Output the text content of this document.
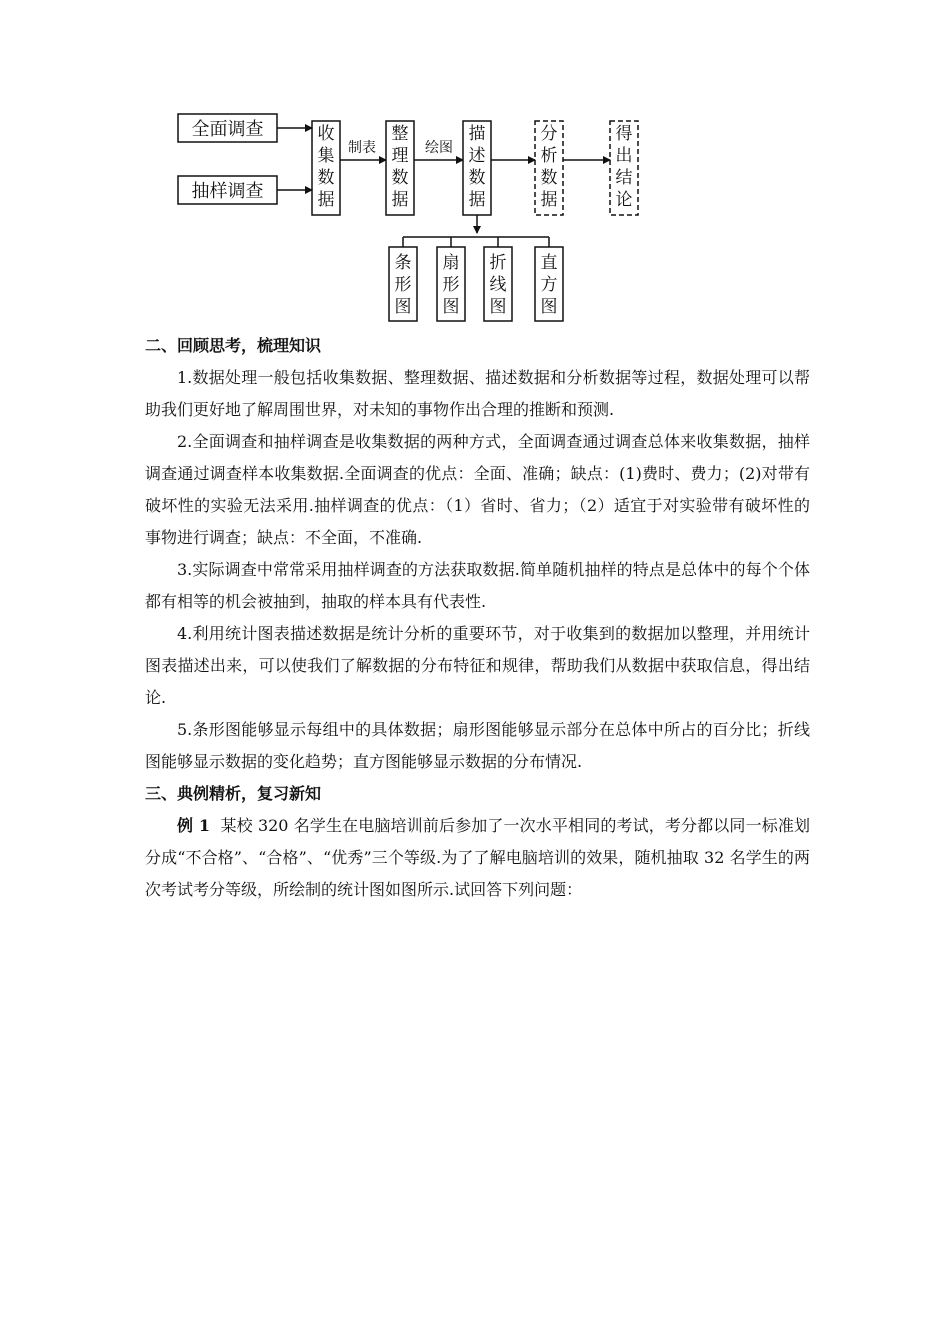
全面调查
抽样调查
收
集
数
据
制表
整
理
数
据
绘图
描
述
数
据
分
析
数
据
得
出
结
论
条
形
图
扇
形
图
折
线
图
直
方
图

二、回顾思考，梳理知识

1.数据处理一般包括收集数据、整理数据、描述数据和分析数据等过程，数据处理可以帮助我们更好地了解周围世界，对未知的事物作出合理的推断和预测.

2.全面调查和抽样调查是收集数据的两种方式，全面调查通过调查总体来收集数据，抽样调查通过调查样本收集数据.全面调查的优点：全面、准确；缺点：(1)费时、费力；(2)对带有破坏性的实验无法采用.抽样调查的优点：（1）省时、省力；（2）适宜于对实验带有破坏性的事物进行调查；缺点：不全面，不准确.

3.实际调查中常常采用抽样调查的方法获取数据.简单随机抽样的特点是总体中的每个个体都有相等的机会被抽到，抽取的样本具有代表性.

4.利用统计图表描述数据是统计分析的重要环节，对于收集到的数据加以整理，并用统计图表描述出来，可以使我们了解数据的分布特征和规律，帮助我们从数据中获取信息，得出结论.

5.条形图能够显示每组中的具体数据；扇形图能够显示部分在总体中所占的百分比；折线图能够显示数据的变化趋势；直方图能够显示数据的分布情况.

三、典例精析，复习新知

例 1 某校 320 名学生在电脑培训前后参加了一次水平相同的考试，考分都以同一标准划分成“不合格”、“合格”、“优秀”三个等级.为了了解电脑培训的效果，随机抽取 32 名学生的两次考试考分等级，所绘制的统计图如图所示.试回答下列问题：
